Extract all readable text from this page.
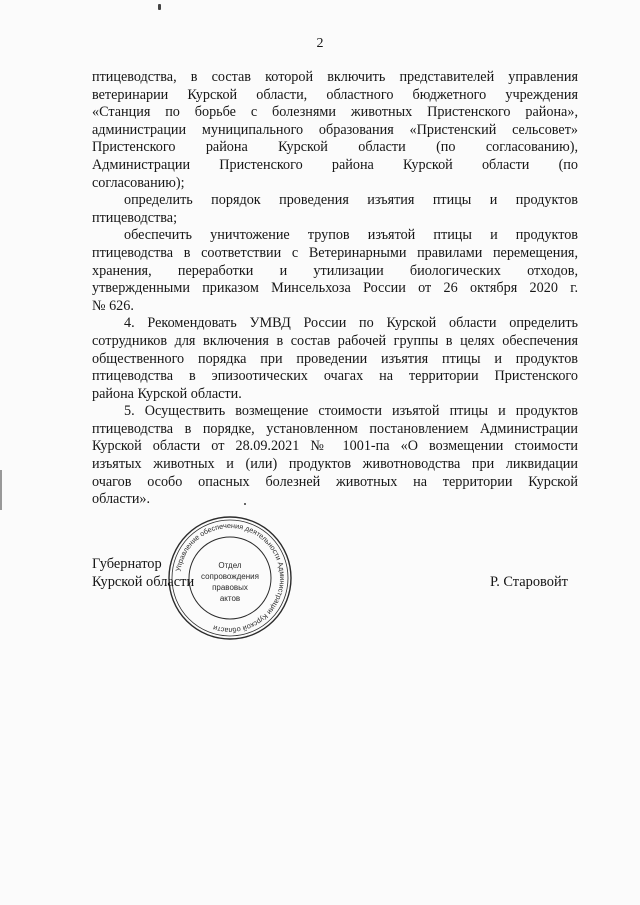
2

птицеводства, в состав которой включить представителей управления
ветеринарии Курской области, областного бюджетного учреждения
«Станция по борьбе с болезнями животных Пристенского района»,
администрации муниципального образования «Пристенский сельсовет»
Пристенского района Курской области (по согласованию),
Администрации Пристенского района Курской области (по
согласованию);

определить порядок проведения изъятия птицы и продуктов
птицеводства;

обеспечить уничтожение трупов изъятой птицы и продуктов
птицеводства в соответствии с Ветеринарными правилами перемещения,
хранения, переработки и утилизации биологических отходов,
утвержденными приказом Минсельхоза России от 26 октября 2020 г.
№ 626.

4. Рекомендовать УМВД России по Курской области определить
сотрудников для включения в состав рабочей группы в целях обеспечения
общественного порядка при проведении изъятия птицы и продуктов
птицеводства в эпизоотических очагах на территории Пристенского
района Курской области.

5. Осуществить возмещение стоимости изъятой птицы и продуктов
птицеводства в порядке, установленном постановлением Администрации
Курской области от 28.09.2021 № 1001-па «О возмещении стоимости
изъятых животных и (или) продуктов животноводства при ликвидации
очагов особо опасных болезней животных на территории Курской
области».

Управление обеспечения деятельности Администрации Курской области
Отдел
сопровождения
правовых
актов
Губернатор
Курской области	Р. Старовойт
